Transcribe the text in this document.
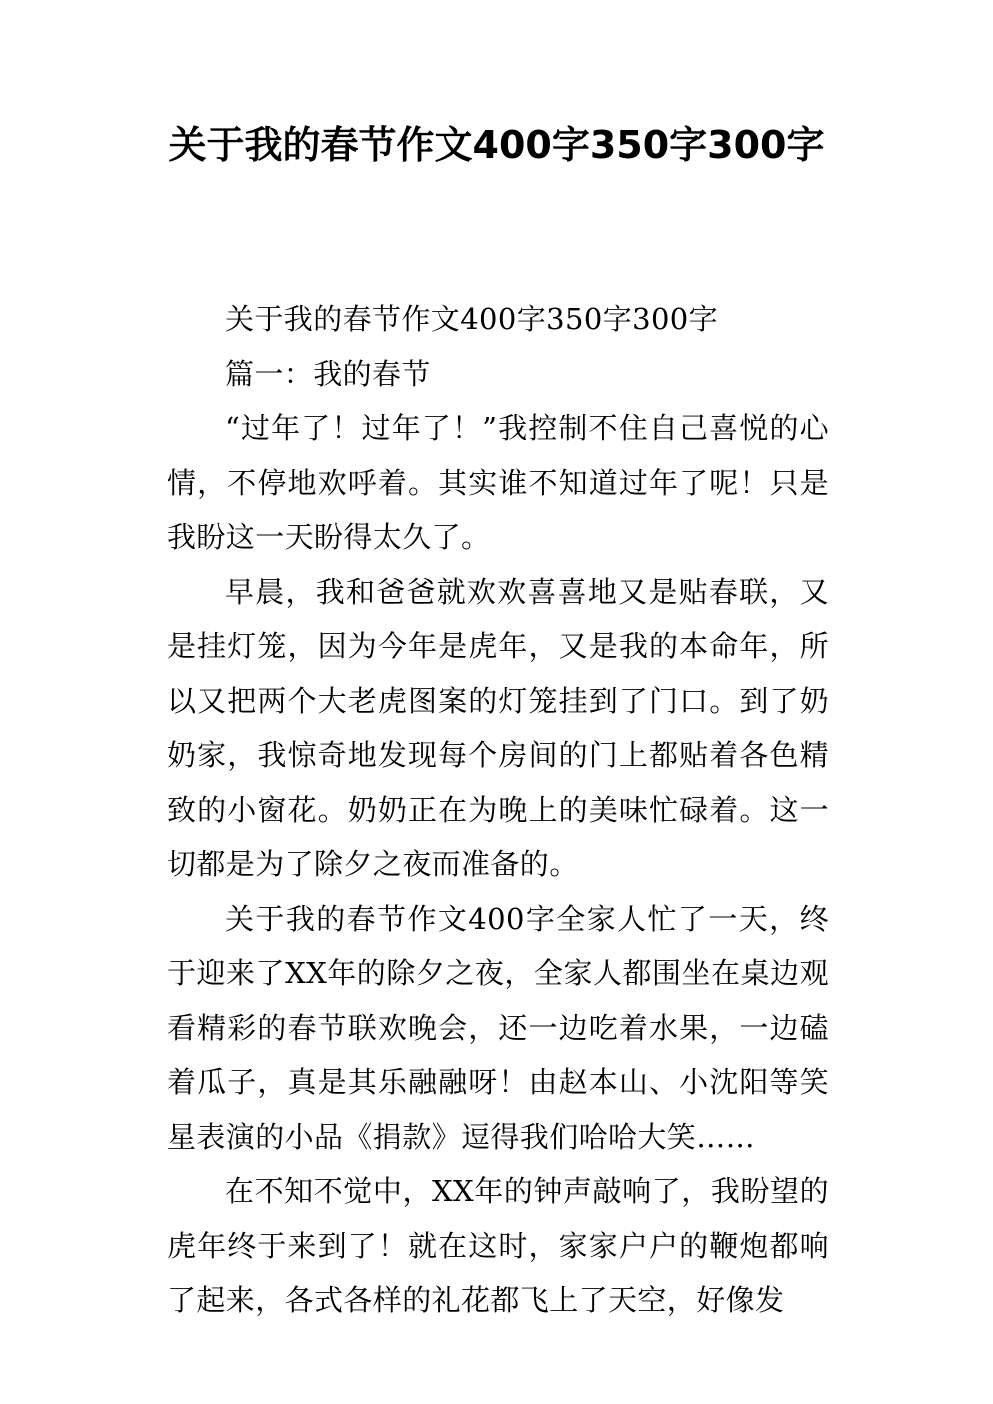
关于我的春节作文400字350字300字

关于我的春节作文400字350字300字

篇一：我的春节

“过年了！过年了！”我控制不住自己喜悦的心情，不停地欢呼着。其实谁不知道过年了呢！只是我盼这一天盼得太久了。

早晨，我和爸爸就欢欢喜喜地又是贴春联，又是挂灯笼，因为今年是虎年，又是我的本命年，所以又把两个大老虎图案的灯笼挂到了门口。到了奶奶家，我惊奇地发现每个房间的门上都贴着各色精致的小窗花。奶奶正在为晚上的美味忙碌着。这一切都是为了除夕之夜而准备的。

关于我的春节作文400字全家人忙了一天，终于迎来了XX年的除夕之夜，全家人都围坐在桌边观看精彩的春节联欢晚会，还一边吃着水果，一边磕着瓜子，真是其乐融融呀！由赵本山、小沈阳等笑星表演的小品《捐款》逗得我们哈哈大笑……

在不知不觉中，XX年的钟声敲响了，我盼望的虎年终于来到了！就在这时，家家户户的鞭炮都响了起来，各式各样的礼花都飞上了天空，好像发
